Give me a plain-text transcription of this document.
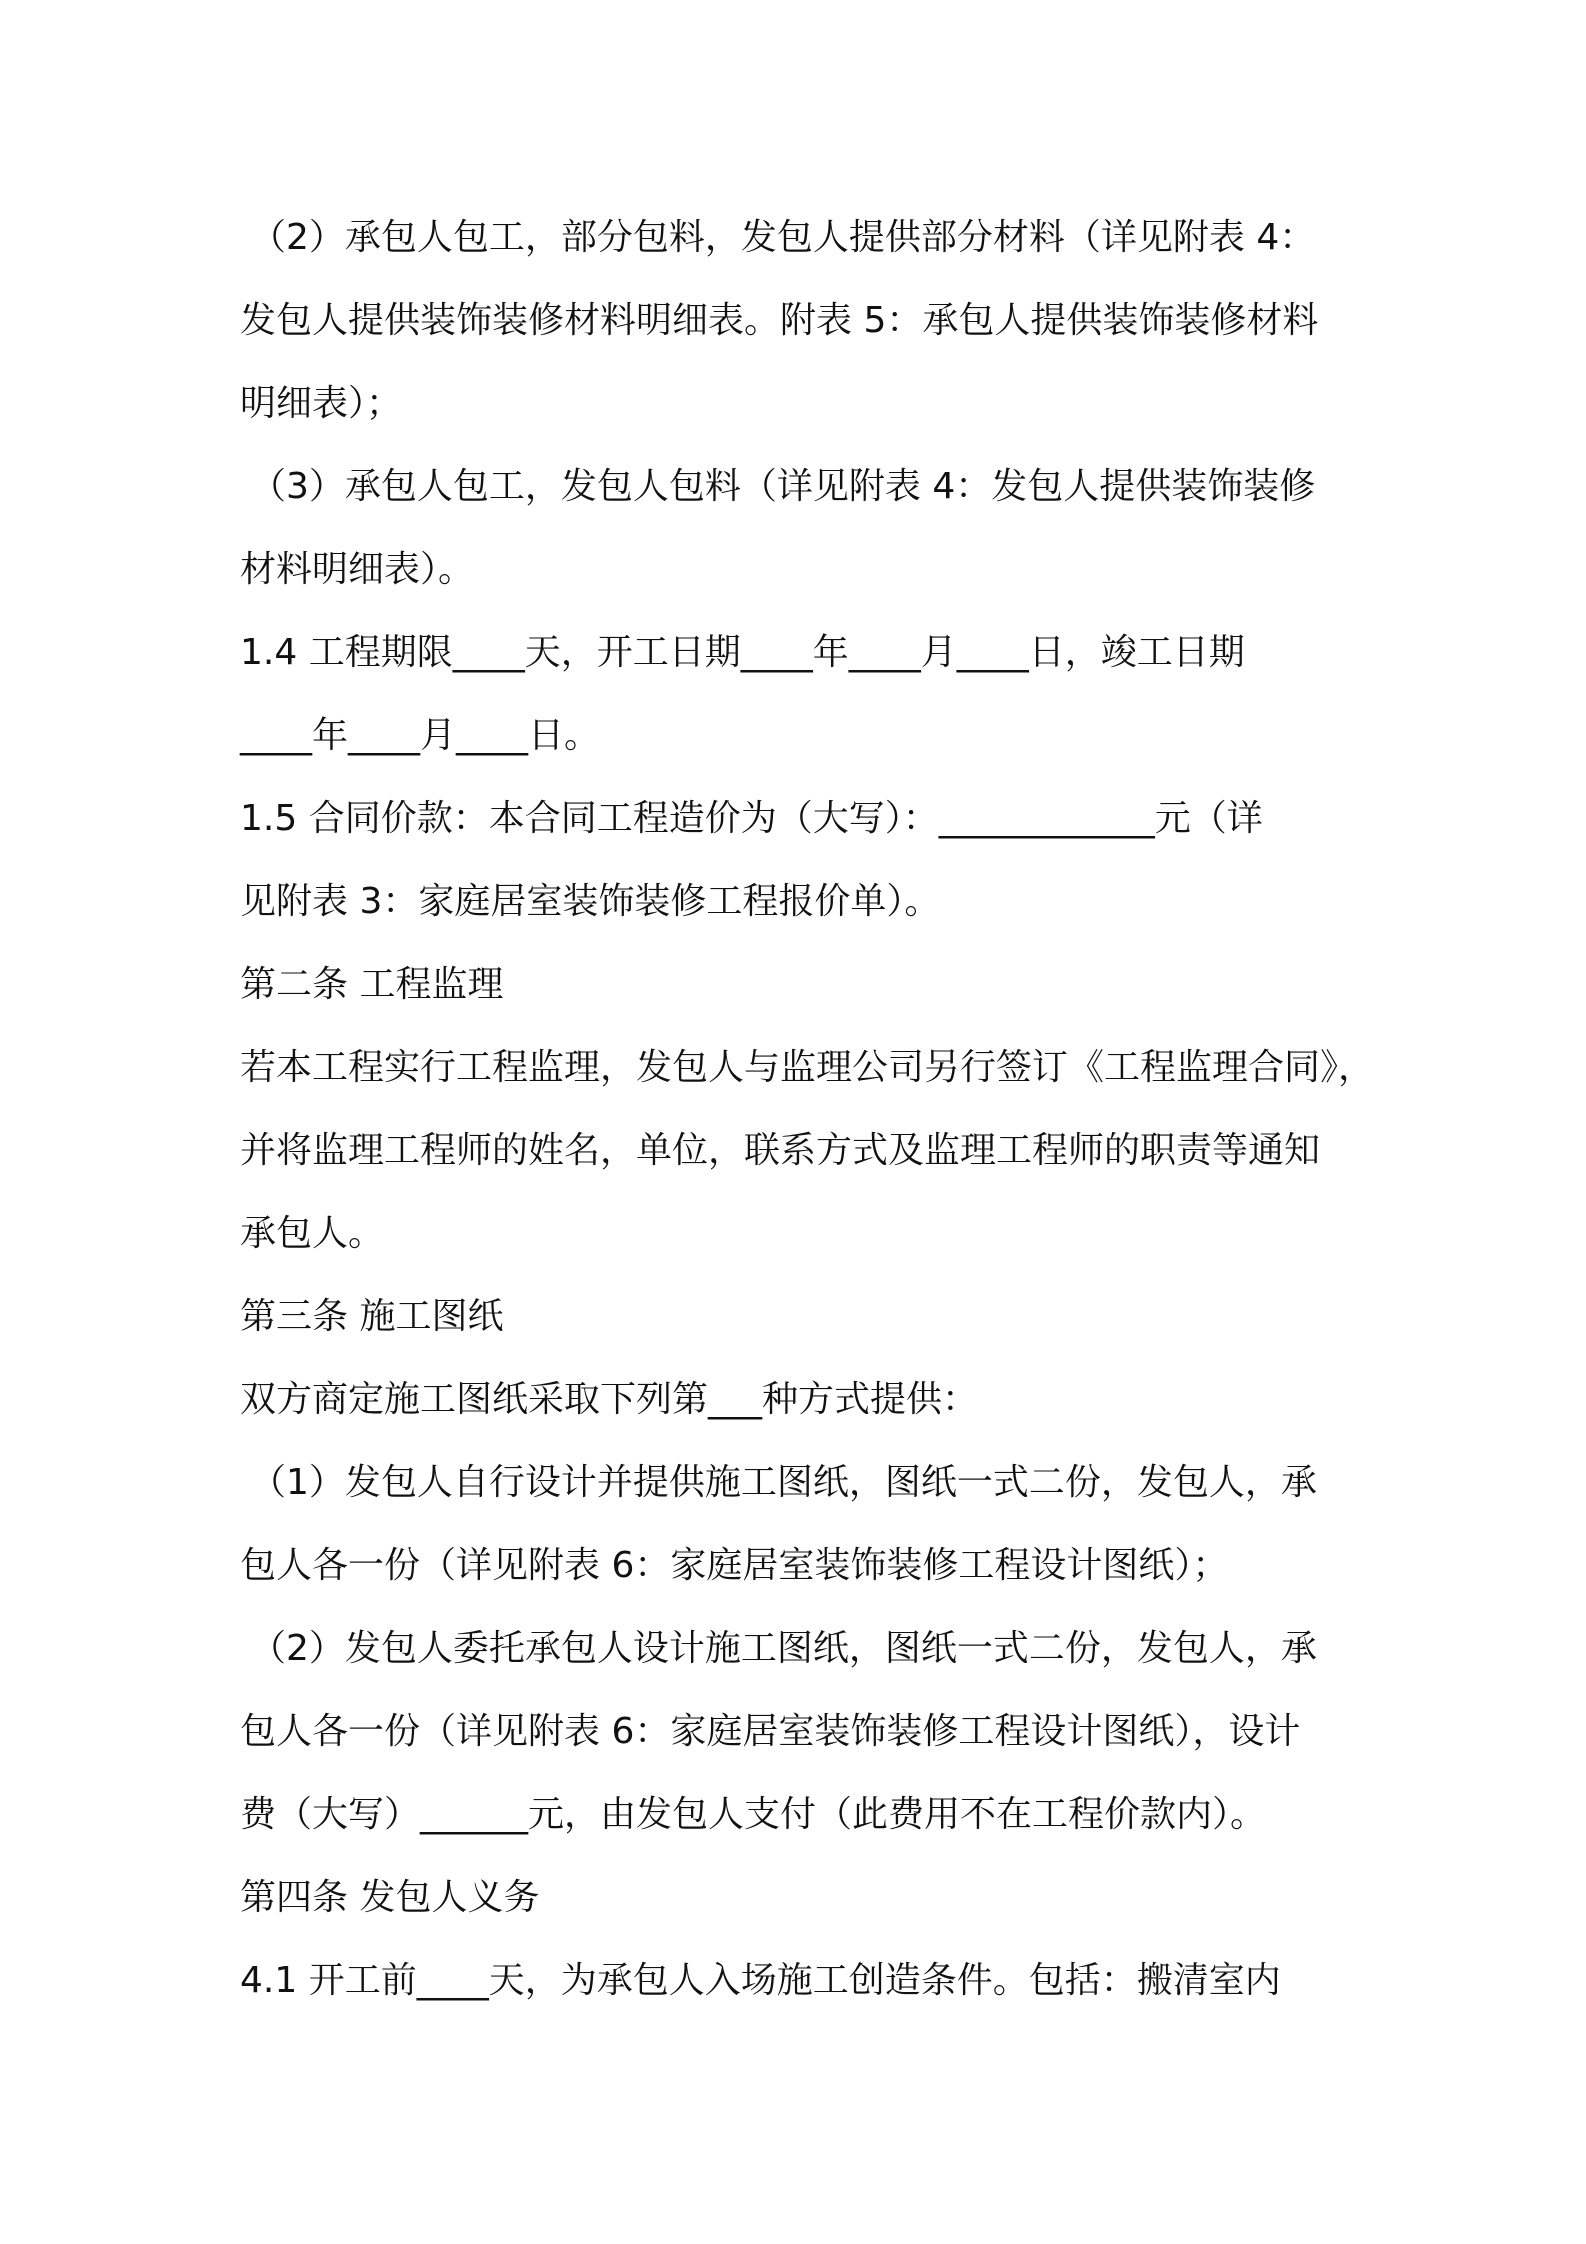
（2）承包人包工，部分包料，发包人提供部分材料（详见附表 4：
发包人提供装饰装修材料明细表。附表 5：承包人提供装饰装修材料
明细表）；
（3）承包人包工，发包人包料（详见附表 4：发包人提供装饰装修
材料明细表）。
1.4 工程期限____天，开工日期____年____月____日，竣工日期
____年____月____日。
1.5 合同价款：本合同工程造价为（大写）：____________元（详
见附表 3：家庭居室装饰装修工程报价单）。
第二条 工程监理
若本工程实行工程监理，发包人与监理公司另行签订《工程监理合同》，
并将监理工程师的姓名，单位，联系方式及监理工程师的职责等通知
承包人。
第三条 施工图纸
双方商定施工图纸采取下列第___种方式提供：
（1）发包人自行设计并提供施工图纸，图纸一式二份，发包人，承
包人各一份（详见附表 6：家庭居室装饰装修工程设计图纸）；
（2）发包人委托承包人设计施工图纸，图纸一式二份，发包人，承
包人各一份（详见附表 6：家庭居室装饰装修工程设计图纸），设计
费（大写）______元，由发包人支付（此费用不在工程价款内）。
第四条 发包人义务
4.1 开工前____天，为承包人入场施工创造条件。包括：搬清室内
